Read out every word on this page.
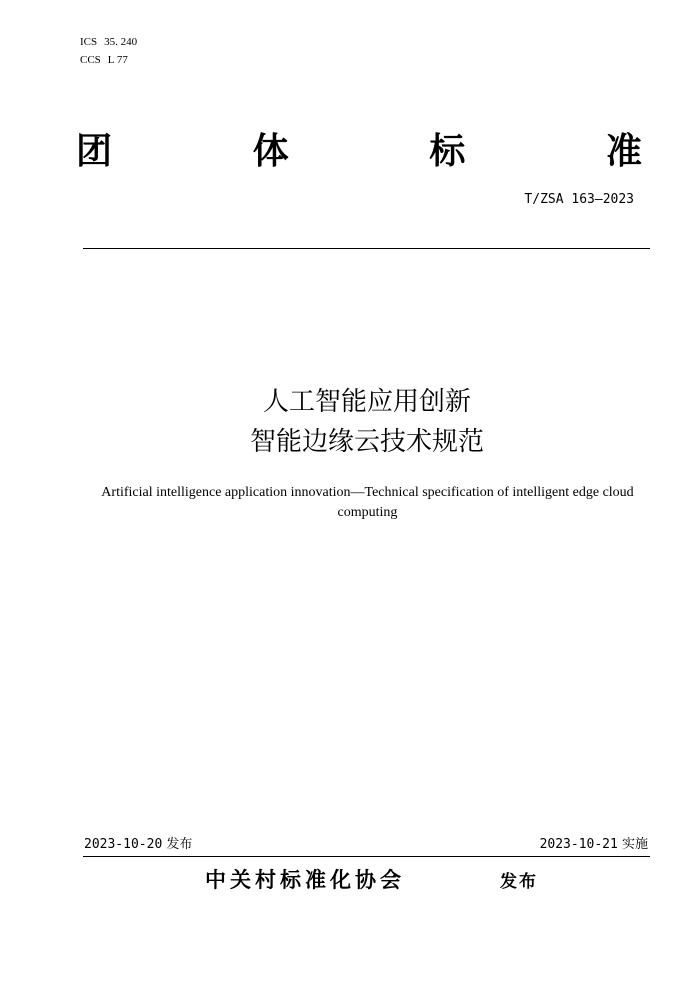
ICS 35. 240
CCS L 77
团	体	标	准
T/ZSA 163—2023
人工智能应用创新
智能边缘云技术规范
Artificial intelligence application innovation—Technical specification of intelligent edge cloud computing
2023-10-20 发布	2023-10-21 实施
中关村标准化协会	发布
